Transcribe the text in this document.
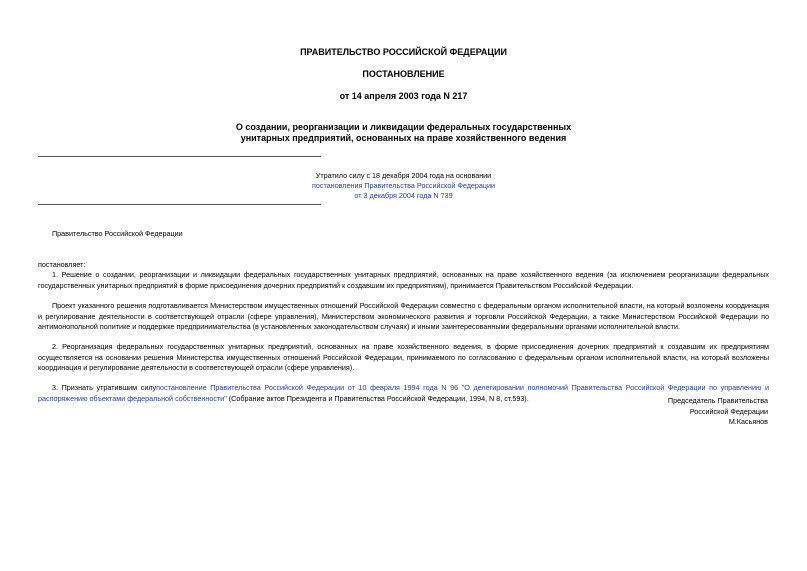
ПРАВИТЕЛЬСТВО РОССИЙСКОЙ ФЕДЕРАЦИИ
ПОСТАНОВЛЕНИЕ
от 14 апреля 2003 года N 217
О создании, реорганизации и ликвидации федеральных государственных
унитарных предприятий, основанных на праве хозяйственного ведения
Утратило силу с 18 декабря 2004 года на основании
постановления Правительства Российской Федерации
от 3 декабря 2004 года N 739
Правительство Российской Федерации
постановляет:
1. Решение о создании, реорганизации и ликвидации федеральных государственных унитарных предприятий, основанных на праве хозяйственного ведения (за исключением реорганизации федеральных государственных унитарных предприятий в форме присоединения дочерних предприятий к создавшим их предприятиям), принимается Правительством Российской Федерации.
Проект указанного решения подготавливается Министерством имущественных отношений Российской Федерации совместно с федеральным органом исполнительной власти, на который возложены координация и регулирование деятельности в соответствующей отрасли (сфере управления), Министерством экономического развития и торговли Российской Федерации, а также Министерством Российской Федерации по антимонопольной политике и поддержке предпринимательства (в установленных законодательством случаях) и иными заинтересованными федеральными органами исполнительной власти.
2. Реорганизация федеральных государственных унитарных предприятий, основанных на праве хозяйственного ведения, в форме присоединения дочерних предприятий к создавшим их предприятиям осуществляется на основании решения Министерства имущественных отношений Российской Федерации, принимаемого по согласованию с федеральным органом исполнительной власти, на который возложены координация и регулирование деятельности в соответствующей отрасли (сфере управления).
3. Признать утратившим силупостановление Правительства Российской Федерации от 10 февраля 1994 года N 96 "О делегировании полномочий Правительства Российской Федерации по управлению и распоряжению объектами федеральной собственности" (Собрание актов Президента и Правительства Российской Федерации, 1994, N 8, ст.593).	Председатель Правительства
Российской Федерации
М.Касьянов
